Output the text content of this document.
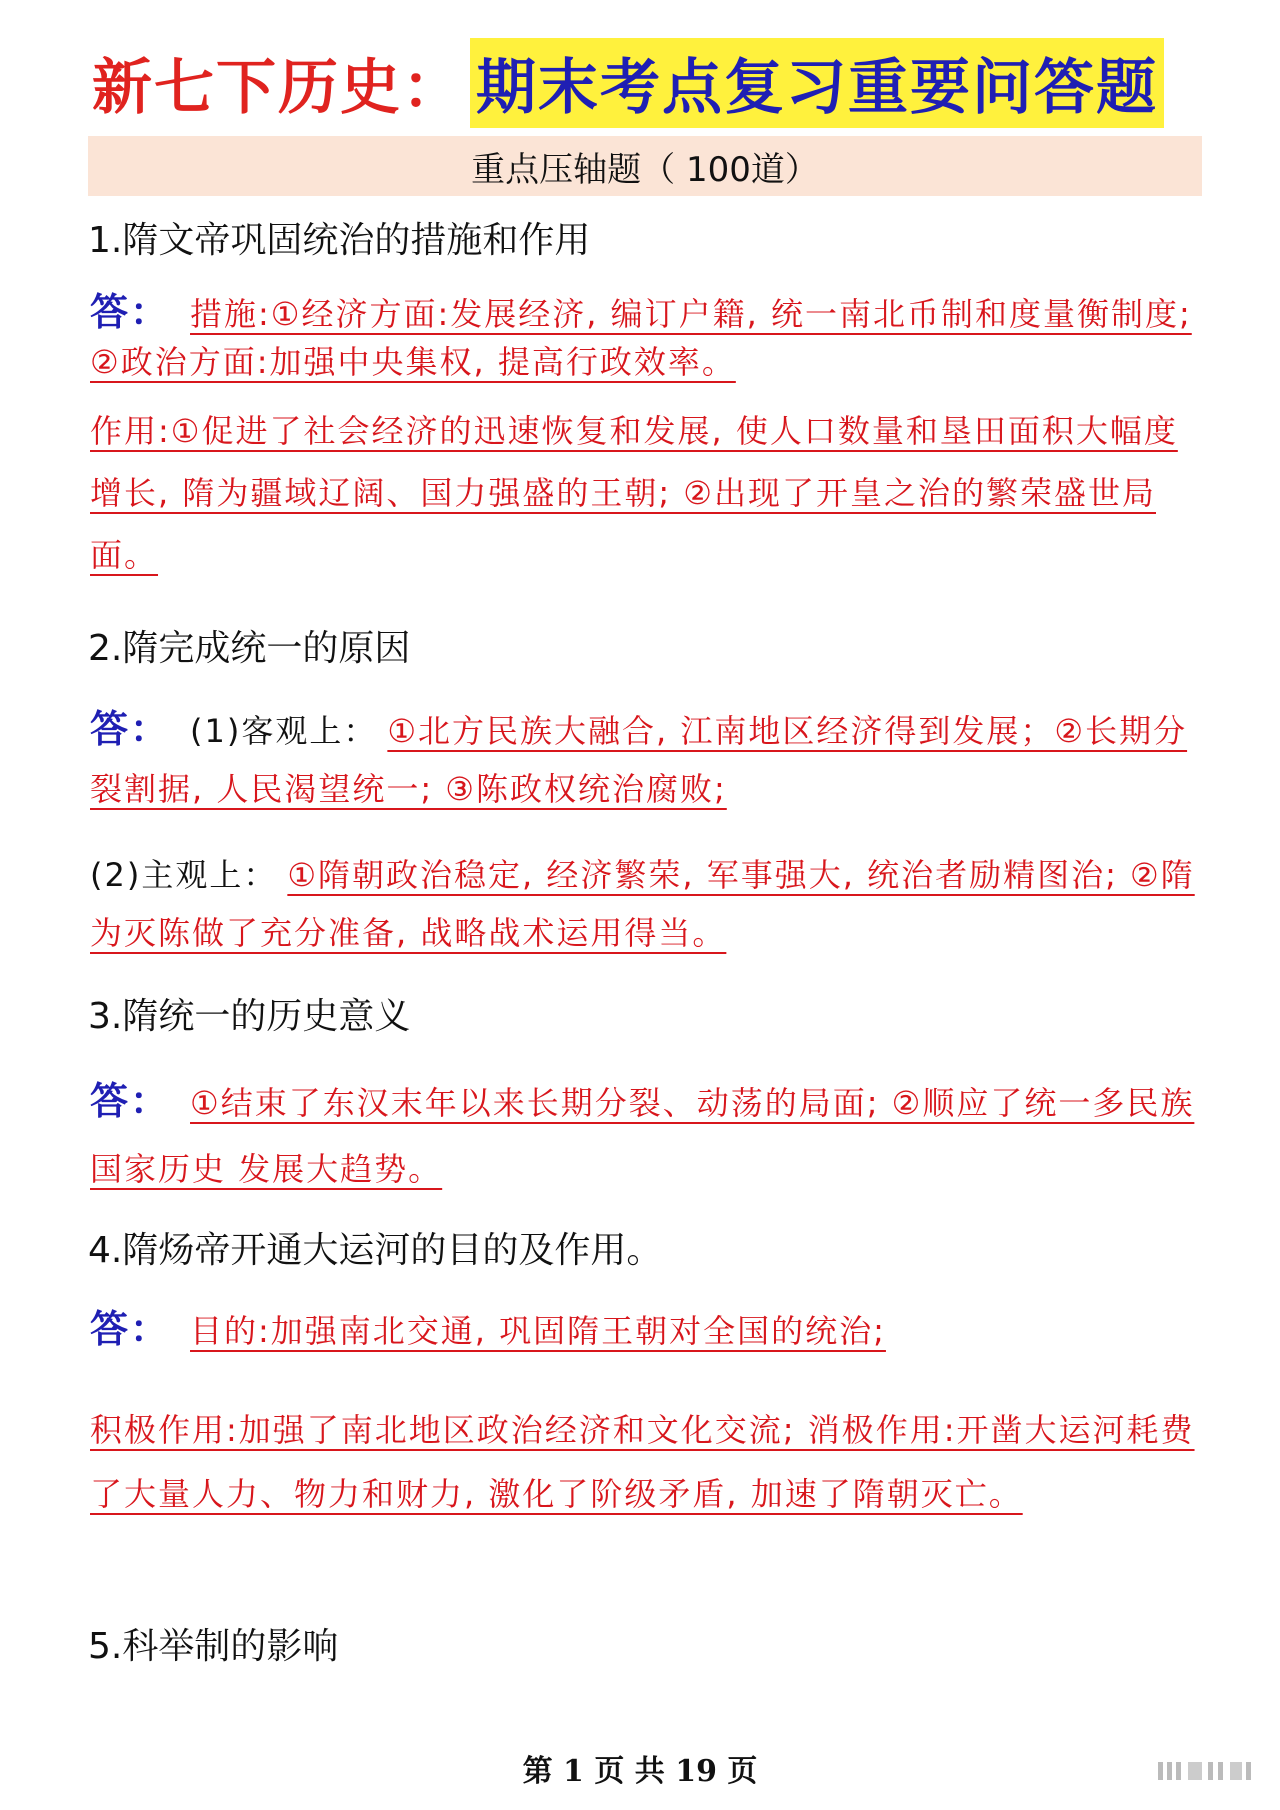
新七下历史： 期末考点复习重要问答题
重点压轴题（ 100道）
1.隋文帝巩固统治的措施和作用
答： 措施:①经济方面:发展经济, 编订户籍, 统一南北币制和度量衡制度; ②政治方面:加强中央集权, 提高行政效率。
作用:①促进了社会经济的迅速恢复和发展, 使人口数量和垦田面积大幅度增长, 隋为疆域辽阔、国力强盛的王朝; ②出现了开皇之治的繁荣盛世局面。
2.隋完成统一的原因
答： (1)客观上： ①北方民族大融合, 江南地区经济得到发展；②长期分裂割据, 人民渴望统一; ③陈政权统治腐败;
(2)主观上： ①隋朝政治稳定, 经济繁荣, 军事强大, 统治者励精图治; ②隋 为灭陈做了充分准备, 战略战术运用得当。
3.隋统一的历史意义
答： ①结束了东汉末年以来长期分裂、动荡的局面; ②顺应了统一多民族国家历史 发展大趋势。
4.隋炀帝开通大运河的目的及作用。
答： 目的:加强南北交通, 巩固隋王朝对全国的统治;
积极作用:加强了南北地区政治经济和文化交流; 消极作用:开凿大运河耗费 了大量人力、物力和财力, 激化了阶级矛盾, 加速了隋朝灭亡。
5.科举制的影响
第 1 页 共 19 页
